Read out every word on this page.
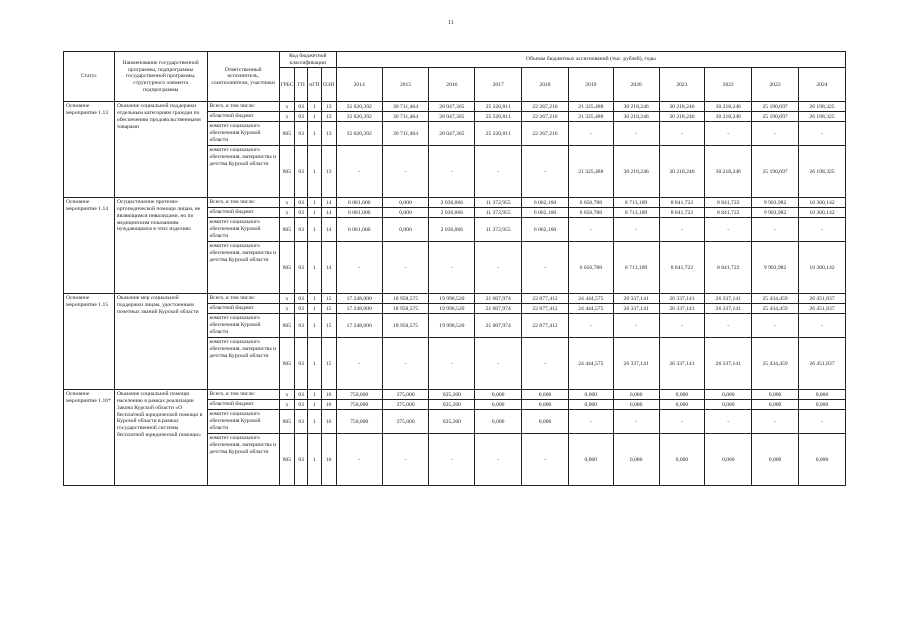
11
Статус	Наименование государственной программы, подпрограммы государственной программы, структурного элемента подпрограммы	Ответственный исполнитель, соисполнители, участники	Код бюджетной классификации				Объемы бюджетных ассигнований (тыс. рублей), годы										
			ГРБС	ГП	пГП	ОЭП	2014	2015	2016	2017	2018	2019	2020	2021	2022	2023	2024
Основное мероприятие 1.13	Оказание социальной поддержки отдельным категориям граждан по обеспечению продовольственными товарами	Всего, в том числе:	х	03	1	13	32 020,392	30 711,464	28 047,365	25 320,811	22 267,216	21 325,488	30 218,246	30 218,246	30 218,246	25 190,697	26 198,325
		областной бюджет	х	03	1	13	32 020,392	30 711,464	28 047,365	25 320,811	22 267,216	21 325,488	30 218,246	30 218,246	30 218,246	25 190,697	26 198,325
		комитет социального обеспечения Курской области	805	03	1	13	32 020,392	30 711,464	28 047,365	25 320,811	22 267,216	-	-	-	-	-	-
		комитет социального обеспечения, материнства и детства Курской области	805	03	1	13	-	-	-	-	-	21 325,488	30 218,246	30 218,246	30 218,246	25 190,697	26 198,325
Основное мероприятие 1.14	Осуществление протезно-ортопедической помощи лицам, не являющимся инвалидами, но по медицинским показаниям нуждающимся в этих изделиях	Всего, в том числе:	х	03	1	14	6 081,000	0,000	2 036,066	11 372,955	6 062,160	6 656,788	8 713,189	8 841,722	8 841,722	9 903,982	10 300,142
		областной бюджет	х	03	1	14	6 081,000	0,000	2 036,066	11 372,955	6 062,160	6 656,788	8 713,189	8 841,722	8 841,722	9 903,982	10 300,142
		комитет социального обеспечения Курской области	805	03	1	14	6 081,000	0,000	2 036,066	11 372,955	6 062,160	-	-	-	-	-	-
		комитет социального обеспечения, материнства и детства Курской области	805	03	1	14	-	-	-	-	-	6 656,788	8 713,189	8 841,722	8 841,722	9 903,982	10 300,142
Основное мероприятие 1.15	Оказание мер социальной поддержки лицам, удостоенным почетных званий Курской области	Всего, в том числе:	х	03	1	15	17 248,000	18 958,575	19 998,520	21 007,974	22 877,412	24 444,575	26 337,141	26 337,141	26 337,141	25 434,459	26 451,837
		областной бюджет	х	03	1	15	17 248,000	18 958,575	19 998,520	21 007,974	22 877,412	24 444,575	26 337,141	26 337,141	26 337,141	25 434,459	26 451,837
		комитет социального обеспечения Курской области	805	03	1	15	17 248,000	18 958,575	19 998,520	21 007,974	22 877,412	-	-	-	-	-	-
		комитет социального обеспечения, материнства и детства Курской области	805	03	1	15	-	-	-	-	-	24 444,575	26 337,141	26 337,141	26 337,141	25 434,459	26 451,837
Основное мероприятие 1.16*	Оказание социальной помощи населению в рамках реализации Закона Курской области «О бесплатной юридической помощи в Курской области в рамках государственной системы бесплатной юридической помощи»	Всего, в том числе:	х	03	1	16	750,000	375,000	625,200	0,000	0,000	0,000	0,000	0,000	0,000	0,000	0,000
		областной бюджет	х	03	1	16	750,000	375,000	625,200	0,000	0,000	0,000	0,000	0,000	0,000	0,000	0,000
		комитет социального обеспечения Курской области	805	03	1	16	750,000	375,000	625,200	0,000	0,000	-	-	-	-	-	-
		комитет социального обеспечения, материнства и детства Курской области	805	03	1	16	-	-	-	-	-	0,000	0,000	0,000	0,000	0,000	0,000
